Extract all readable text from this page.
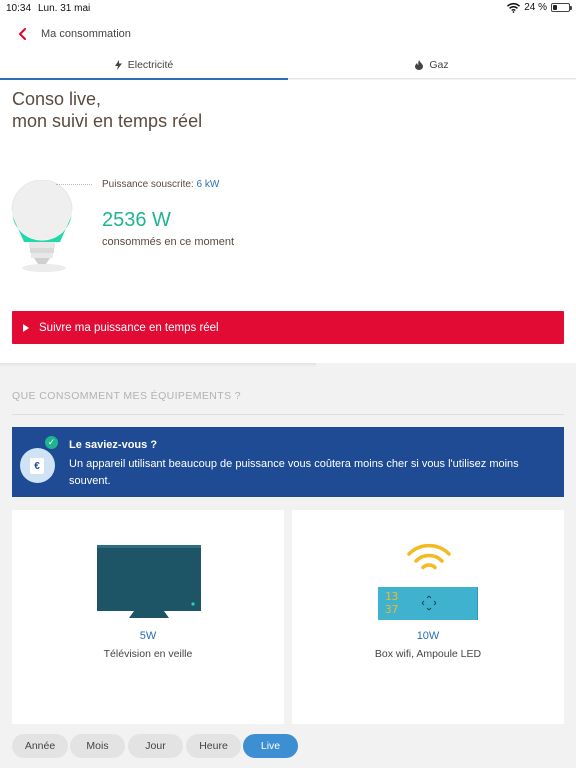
10:34 Lun. 31 mai	24 %
Ma consommation
Electricité	Gaz
Conso live,
mon suivi en temps réel
Puissance souscrite: 6 kW
2536 W
consommés en ce moment
Suivre ma puissance en temps réel
QUE CONSOMMENT MES ÉQUIPEMENTS ?
€
✓	Le saviez-vous ?
Un appareil utilisant beaucoup de puissance vous coûtera moins cher si vous l'utilisez moins souvent.
5W
Télévision en veille
13
37
10W
Box wifi, Ampoule LED
Année	Mois	Jour	Heure	Live
